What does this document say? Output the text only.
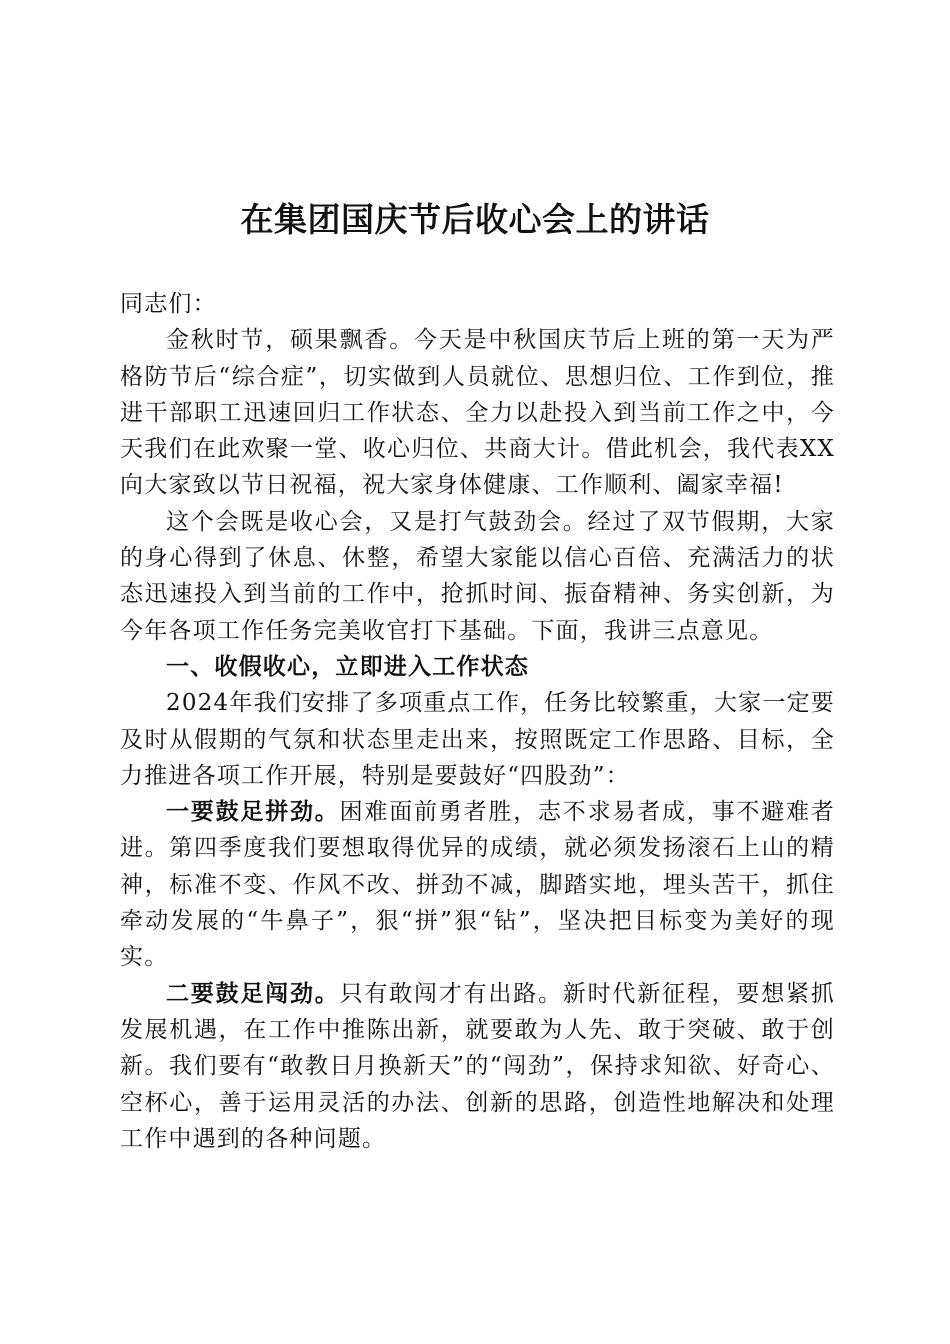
在集团国庆节后收心会上的讲话

同志们：

金秋时节，硕果飘香。今天是中秋国庆节后上班的第一天为严格防节后“综合症”，切实做到人员就位、思想归位、工作到位，推进干部职工迅速回归工作状态、全力以赴投入到当前工作之中，今天我们在此欢聚一堂、收心归位、共商大计。借此机会，我代表XX向大家致以节日祝福，祝大家身体健康、工作顺利、阖家幸福!

这个会既是收心会，又是打气鼓劲会。经过了双节假期，大家的身心得到了休息、休整，希望大家能以信心百倍、充满活力的状态迅速投入到当前的工作中，抢抓时间、振奋精神、务实创新，为今年各项工作任务完美收官打下基础。下面，我讲三点意见。

一、收假收心，立即进入工作状态

2024年我们安排了多项重点工作，任务比较繁重，大家一定要及时从假期的气氛和状态里走出来，按照既定工作思路、目标，全力推进各项工作开展，特别是要鼓好“四股劲”：

一要鼓足拼劲。困难面前勇者胜，志不求易者成，事不避难者进。第四季度我们要想取得优异的成绩，就必须发扬滚石上山的精神，标准不变、作风不改、拼劲不减，脚踏实地，埋头苦干，抓住牵动发展的“牛鼻子”，狠“拼”狠“钻”，坚决把目标变为美好的现实。

二要鼓足闯劲。只有敢闯才有出路。新时代新征程，要想紧抓发展机遇，在工作中推陈出新，就要敢为人先、敢于突破、敢于创新。我们要有“敢教日月换新天”的“闯劲”，保持求知欲、好奇心、空杯心，善于运用灵活的办法、创新的思路，创造性地解决和处理工作中遇到的各种问题。
